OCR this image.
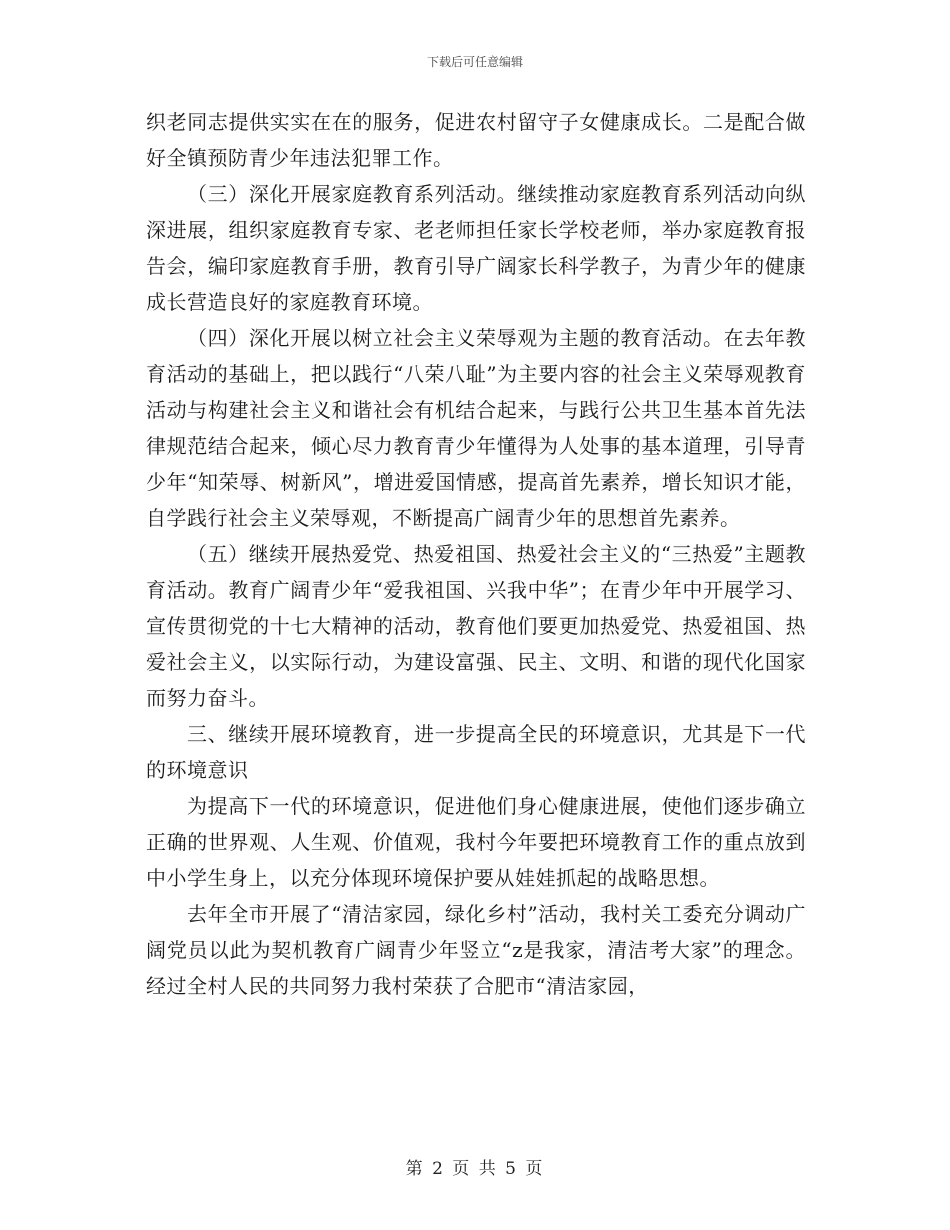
下载后可任意编辑

织老同志提供实实在在的服务，促进农村留守子女健康成长。二是配合做好全镇预防青少年违法犯罪工作。

（三）深化开展家庭教育系列活动。继续推动家庭教育系列活动向纵深进展，组织家庭教育专家、老老师担任家长学校老师，举办家庭教育报告会，编印家庭教育手册，教育引导广阔家长科学教子，为青少年的健康成长营造良好的家庭教育环境。

（四）深化开展以树立社会主义荣辱观为主题的教育活动。在去年教育活动的基础上，把以践行“八荣八耻”为主要内容的社会主义荣辱观教育活动与构建社会主义和谐社会有机结合起来，与践行公共卫生基本首先法律规范结合起来，倾心尽力教育青少年懂得为人处事的基本道理，引导青少年“知荣辱、树新风”，增进爱国情感，提高首先素养，增长知识才能，自学践行社会主义荣辱观，不断提高广阔青少年的思想首先素养。

（五）继续开展热爱党、热爱祖国、热爱社会主义的“三热爱”主题教育活动。教育广阔青少年“爱我祖国、兴我中华”；在青少年中开展学习、宣传贯彻党的十七大精神的活动，教育他们要更加热爱党、热爱祖国、热爱社会主义，以实际行动，为建设富强、民主、文明、和谐的现代化国家而努力奋斗。

三、继续开展环境教育，进一步提高全民的环境意识，尤其是下一代的环境意识

为提高下一代的环境意识，促进他们身心健康进展，使他们逐步确立正确的世界观、人生观、价值观，我村今年要把环境教育工作的重点放到中小学生身上，以充分体现环境保护要从娃娃抓起的战略思想。

去年全市开展了“清洁家园，绿化乡村”活动，我村关工委充分调动广阔党员以此为契机教育广阔青少年竖立“z是我家，清洁考大家”的理念。经过全村人民的共同努力我村荣获了合肥市“清洁家园，

第 2 页 共 5 页
